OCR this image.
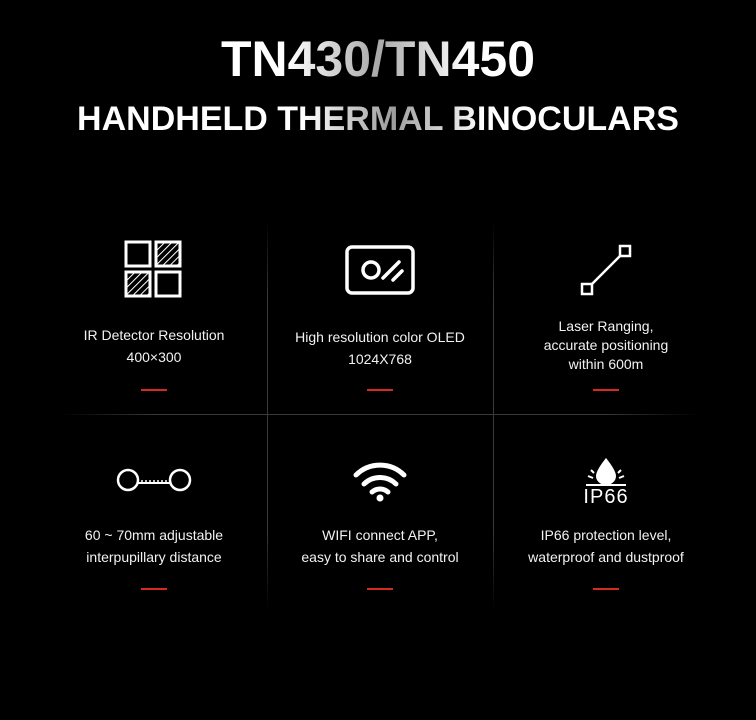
TN430/TN450
HANDHELD THERMAL BINOCULARS
IR Detector Resolution
400×300
High resolution color OLED
1024X768
Laser Ranging,
accurate positioning
within 600m
60 ~ 70mm adjustable
interpupillary distance
WIFI connect APP,
easy to share and control
IP66
IP66 protection level,
waterproof and dustproof
